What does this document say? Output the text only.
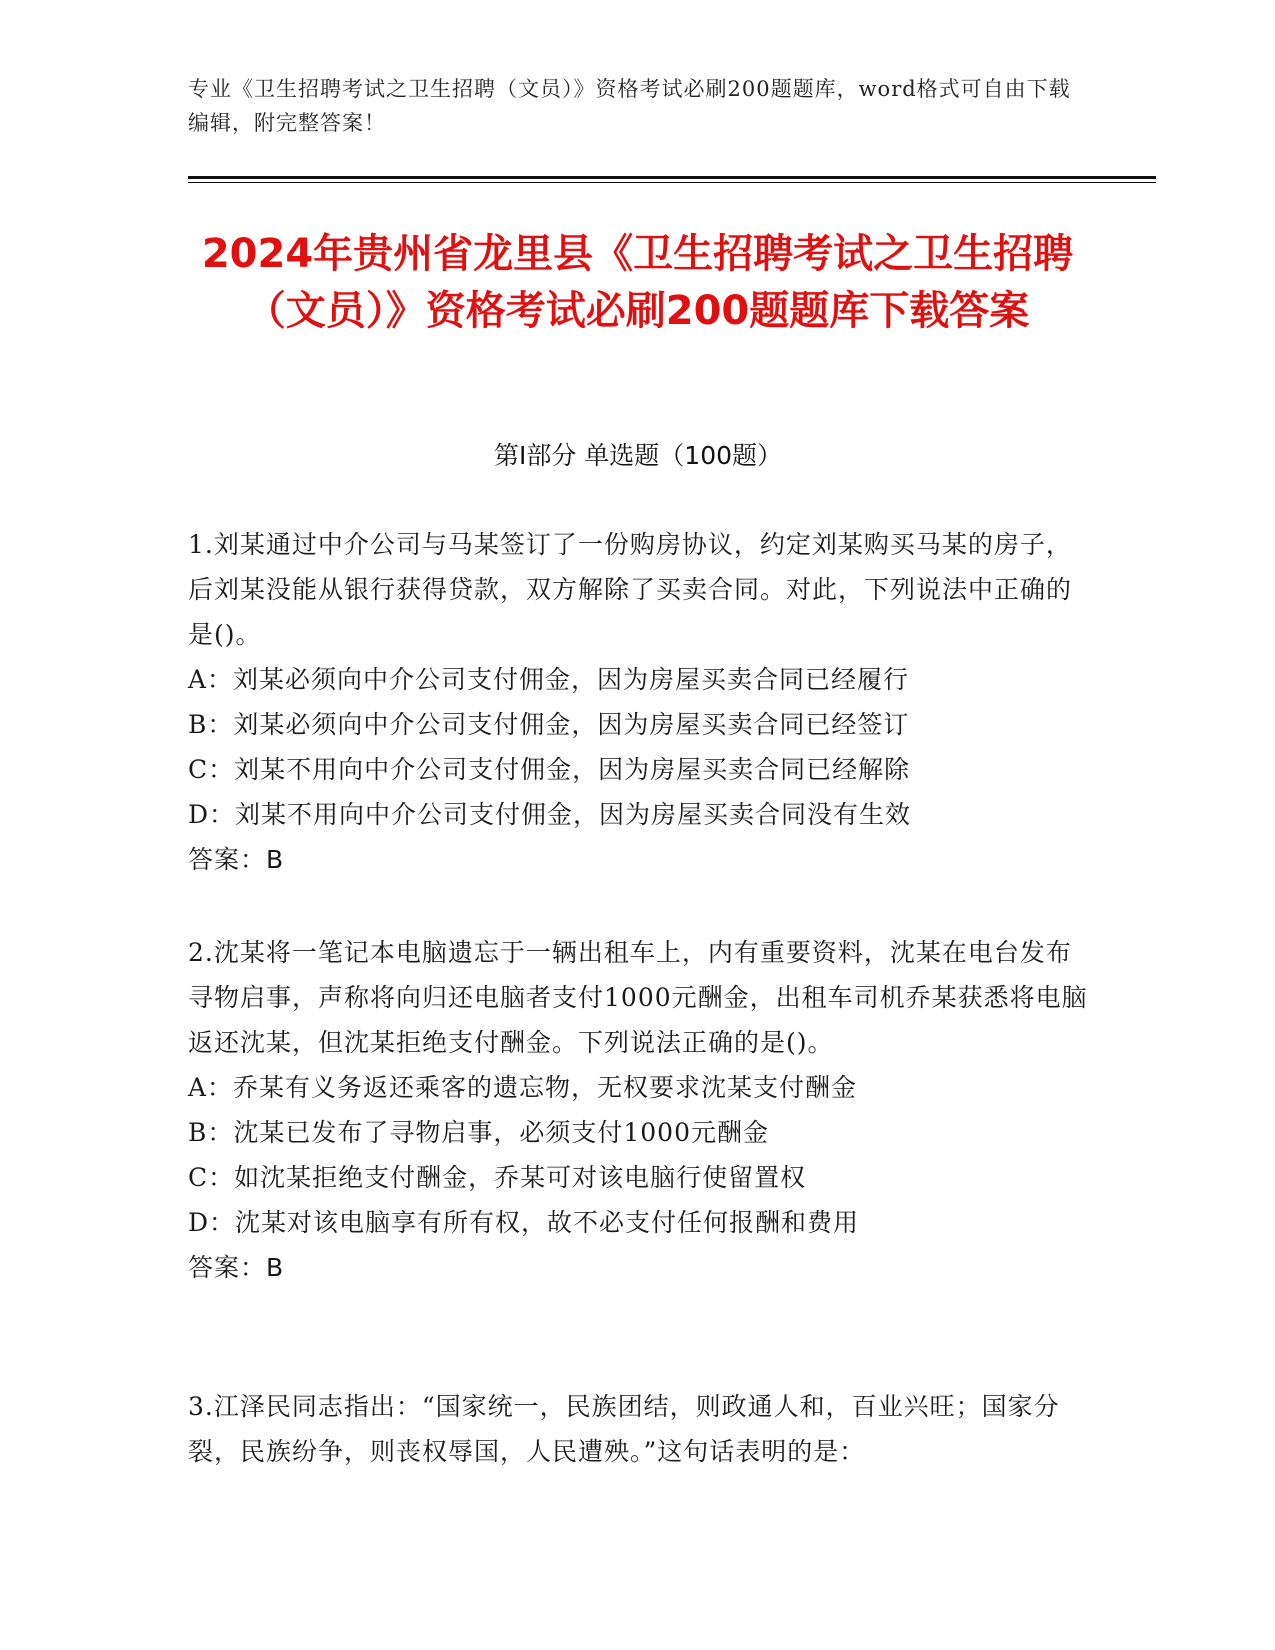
专业《卫生招聘考试之卫生招聘（文员）》资格考试必刷200题题库，word格式可自由下载编辑，附完整答案！
2024年贵州省龙里县《卫生招聘考试之卫生招聘（文员）》资格考试必刷200题题库下载答案
第Ⅰ部分 单选题（100题）

1.刘某通过中介公司与马某签订了一份购房协议，约定刘某购买马某的房子，后刘某没能从银行获得贷款，双方解除了买卖合同。对此，下列说法中正确的是()。

A：刘某必须向中介公司支付佣金，因为房屋买卖合同已经履行

B：刘某必须向中介公司支付佣金，因为房屋买卖合同已经签订

C：刘某不用向中介公司支付佣金，因为房屋买卖合同已经解除

D：刘某不用向中介公司支付佣金，因为房屋买卖合同没有生效

答案：B

2.沈某将一笔记本电脑遗忘于一辆出租车上，内有重要资料，沈某在电台发布寻物启事，声称将向归还电脑者支付1000元酬金，出租车司机乔某获悉将电脑返还沈某，但沈某拒绝支付酬金。下列说法正确的是()。

A：乔某有义务返还乘客的遗忘物，无权要求沈某支付酬金

B：沈某已发布了寻物启事，必须支付1000元酬金

C：如沈某拒绝支付酬金，乔某可对该电脑行使留置权

D：沈某对该电脑享有所有权，故不必支付任何报酬和费用

答案：B

3.江泽民同志指出：“国家统一，民族团结，则政通人和，百业兴旺；国家分裂，民族纷争，则丧权辱国，人民遭殃。”这句话表明的是：
